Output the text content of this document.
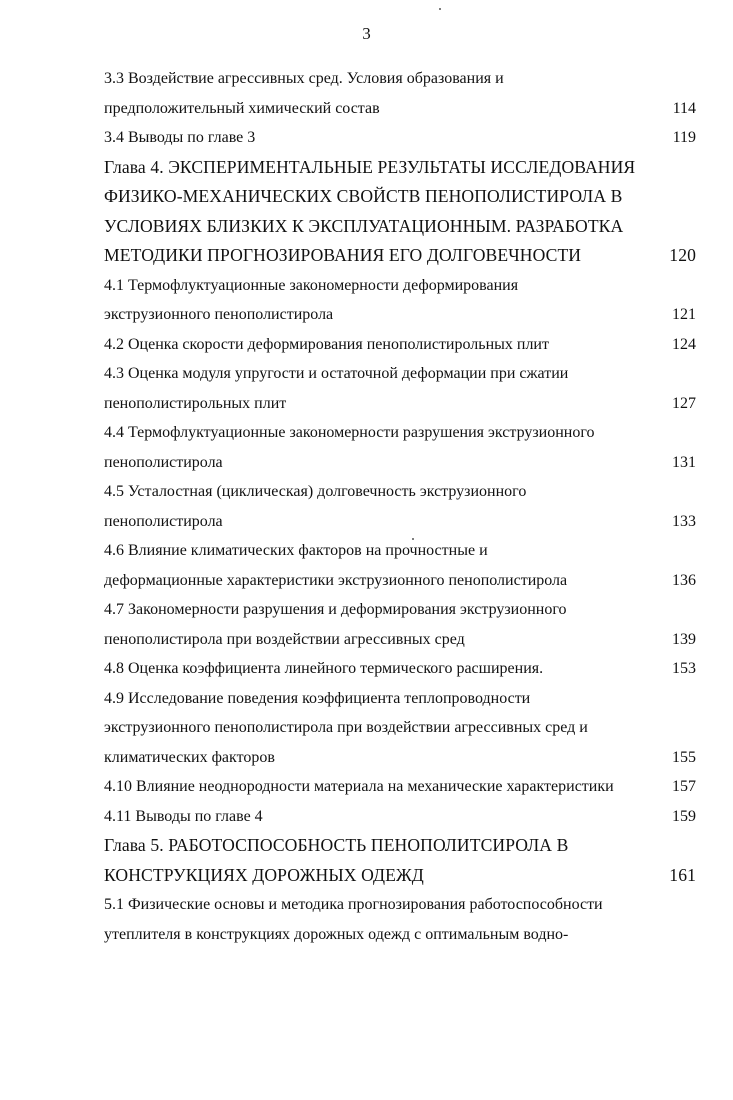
3
3.3 Воздействие агрессивных сред. Условия образования и
предположительный химический состав	114
3.4 Выводы по главе 3	119
Глава 4. ЭКСПЕРИМЕНТАЛЬНЫЕ РЕЗУЛЬТАТЫ ИССЛЕДОВАНИЯ
ФИЗИКО-МЕХАНИЧЕСКИХ СВОЙСТВ ПЕНОПОЛИСТИРОЛА В
УСЛОВИЯХ БЛИЗКИХ К ЭКСПЛУАТАЦИОННЫМ. РАЗРАБОТКА
МЕТОДИКИ ПРОГНОЗИРОВАНИЯ ЕГО ДОЛГОВЕЧНОСТИ	120
4.1 Термофлуктуационные закономерности деформирования
экструзионного пенополистирола	121
4.2 Оценка скорости деформирования пенополистирольных плит	124
4.3 Оценка модуля упругости и остаточной деформации при сжатии
пенополистирольных плит	127
4.4 Термофлуктуационные закономерности разрушения экструзионного
пенополистирола	131
4.5 Усталостная (циклическая) долговечность экструзионного
пенополистирола	133
4.6 Влияние климатических факторов на прочностные и
деформационные характеристики экструзионного пенополистирола	136
4.7 Закономерности разрушения и деформирования экструзионного
пенополистирола при воздействии агрессивных сред	139
4.8 Оценка коэффициента линейного термического расширения.	153
4.9 Исследование поведения коэффициента теплопроводности
экструзионного пенополистирола при воздействии агрессивных сред и
климатических факторов	155
4.10 Влияние неоднородности материала на механические характеристики	157
4.11 Выводы по главе 4	159
Глава 5. РАБОТОСПОСОБНОСТЬ ПЕНОПОЛИТСИРОЛА В
КОНСТРУКЦИЯХ ДОРОЖНЫХ ОДЕЖД	161
5.1 Физические основы и методика прогнозирования работоспособности
утеплителя в конструкциях дорожных одежд с оптимальным водно-
